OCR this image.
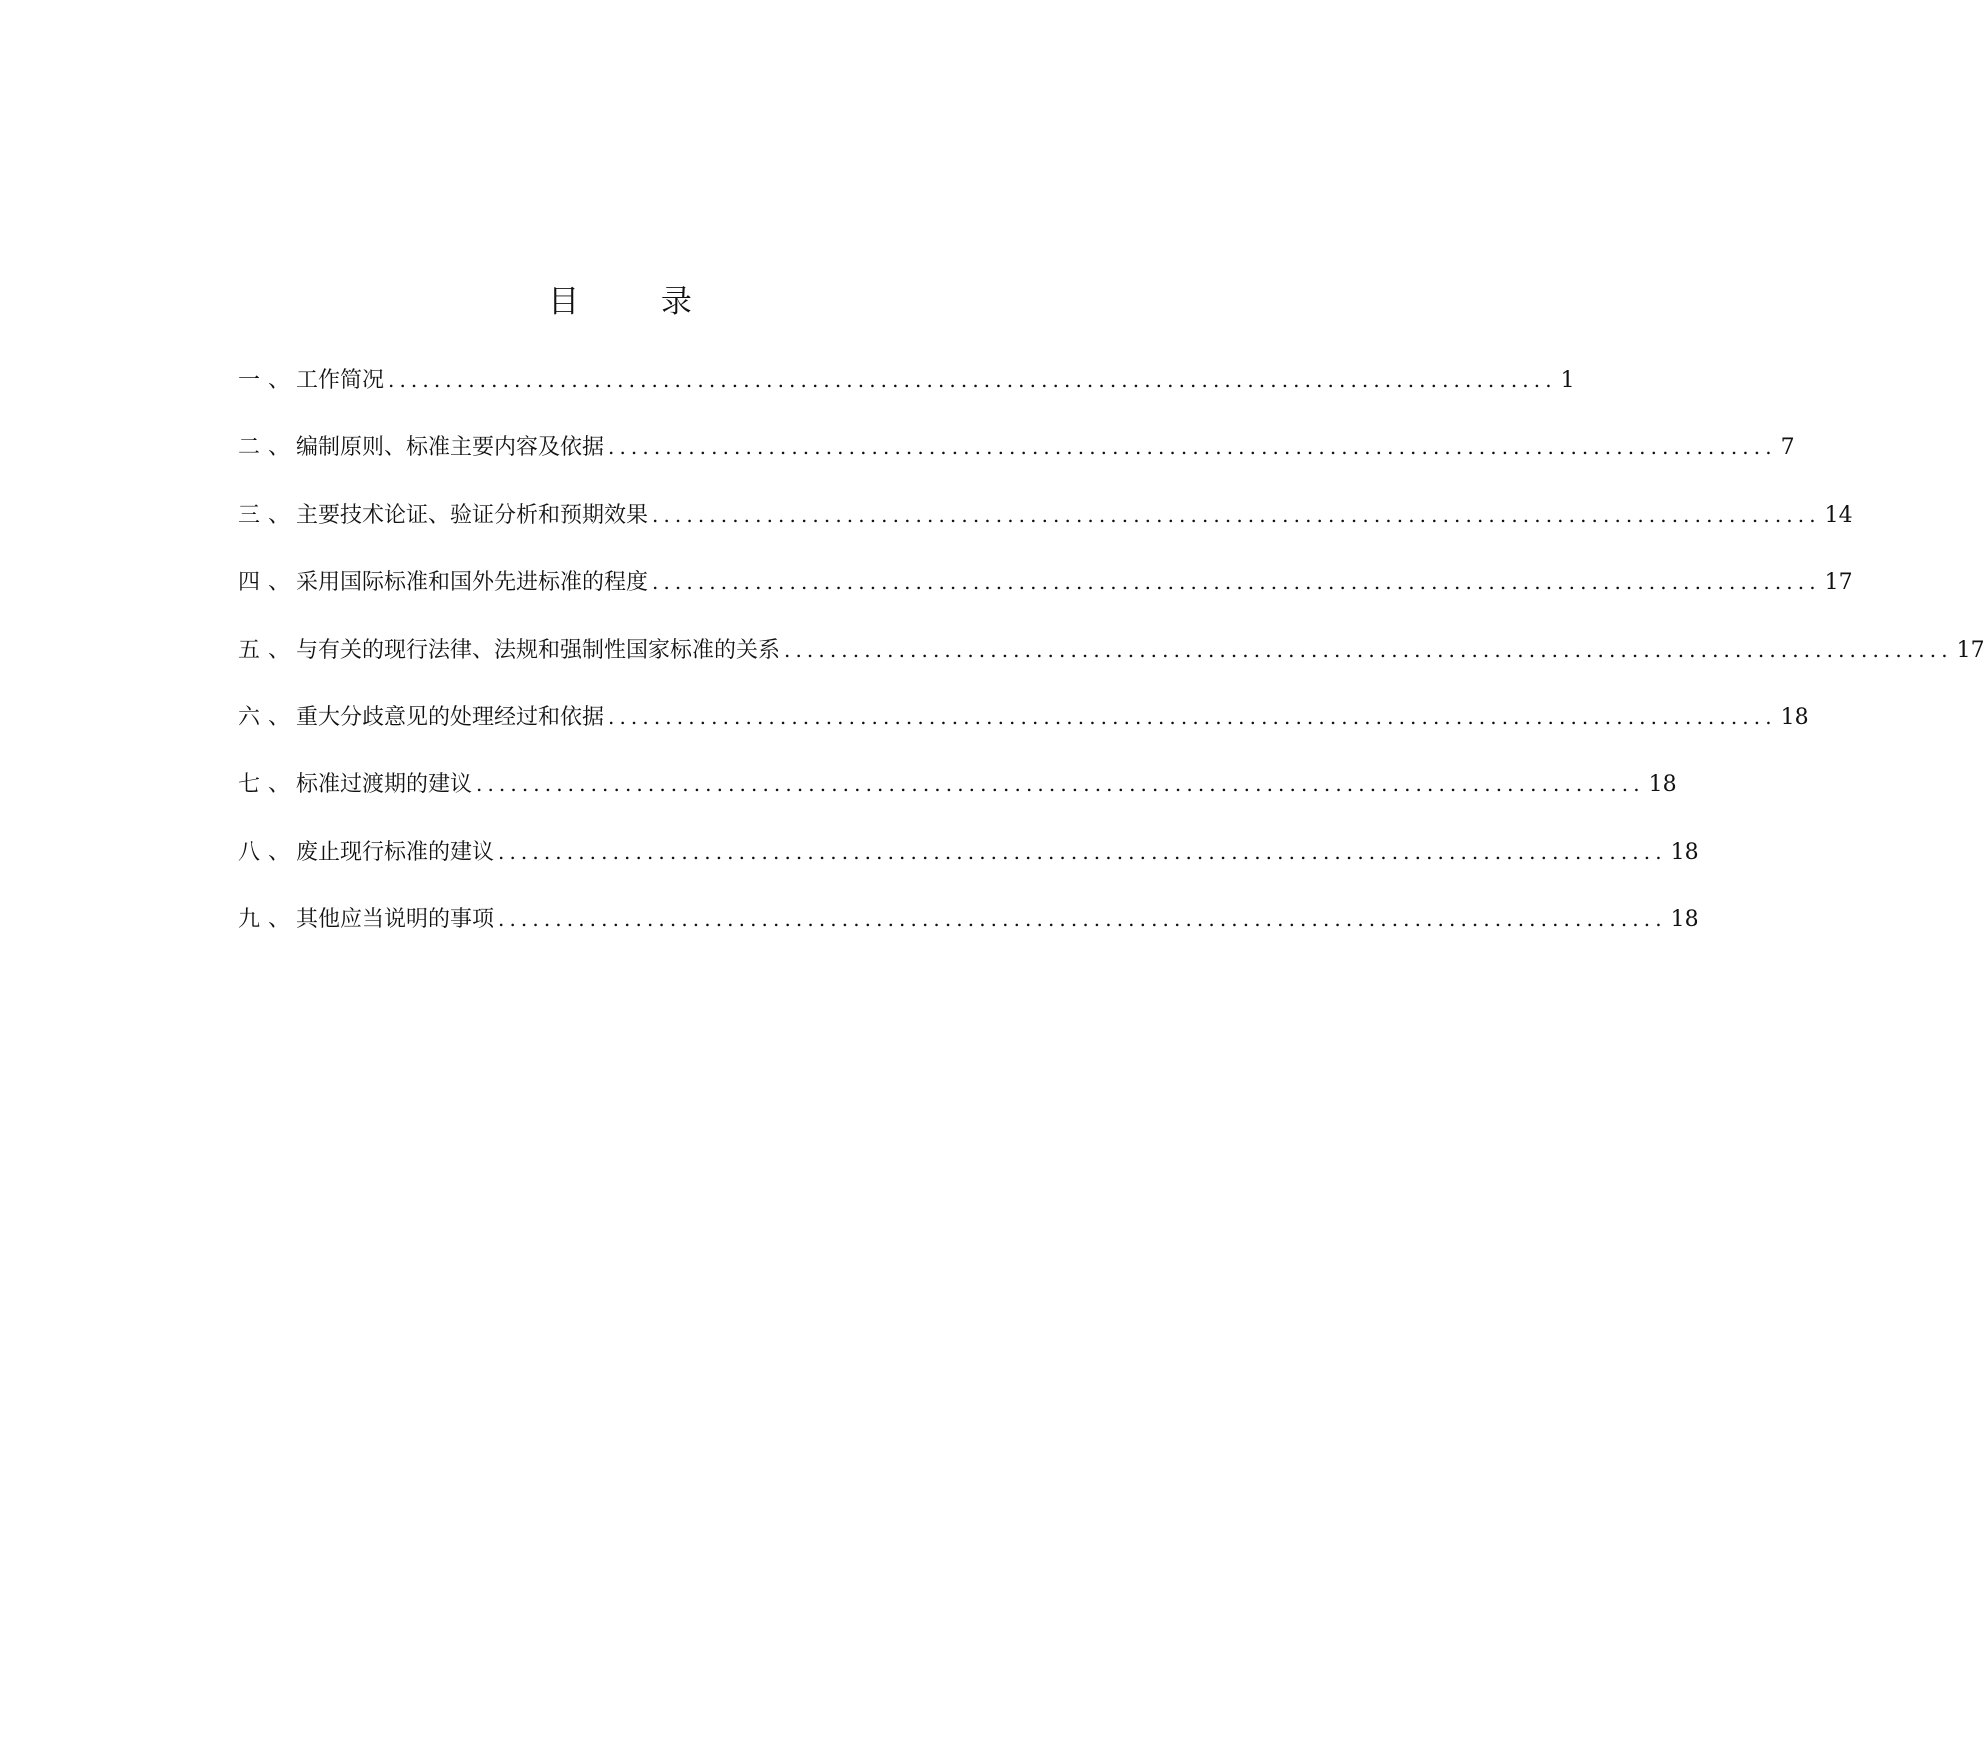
目 录
一 、 工作简况 ...................................................................................................... 1
二 、 编制原则、标准主要内容及依据 ...................................................................................................... 7
三 、 主要技术论证、验证分析和预期效果 ...................................................................................................... 14
四 、 采用国际标准和国外先进标准的程度 ...................................................................................................... 17
五 、 与有关的现行法律、法规和强制性国家标准的关系 ...................................................................................................... 17
六 、 重大分歧意见的处理经过和依据 ...................................................................................................... 18
七 、 标准过渡期的建议 ...................................................................................................... 18
八 、 废止现行标准的建议 ...................................................................................................... 18
九 、 其他应当说明的事项 ...................................................................................................... 18
